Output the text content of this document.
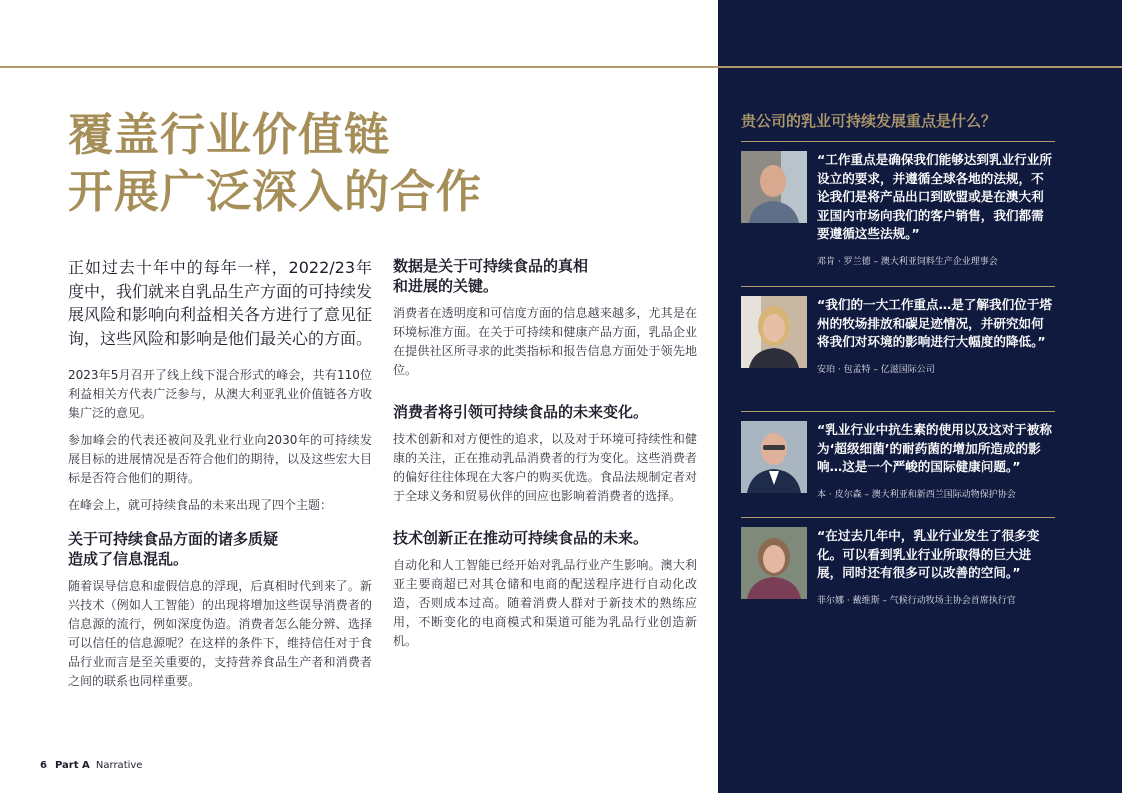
覆盖行业价值链
开展广泛深入的合作

正如过去十年中的每年一样，2022/23年度中，我们就来自乳品生产方面的可持续发展风险和影响向利益相关各方进行了意见征询，这些风险和影响是他们最关心的方面。

2023年5月召开了线上线下混合形式的峰会，共有110位利益相关方代表广泛参与，从澳大利亚乳业价值链各方收集广泛的意见。

参加峰会的代表还被问及乳业行业向2030年的可持续发展目标的进展情况是否符合他们的期待，以及这些宏大目标是否符合他们的期待。

在峰会上，就可持续食品的未来出现了四个主题：

关于可持续食品方面的诸多质疑
造成了信息混乱。

随着误导信息和虚假信息的浮现，后真相时代到来了。新兴技术（例如人工智能）的出现将增加这些误导消费者的信息源的流行，例如深度伪造。消费者怎么能分辨、选择可以信任的信息源呢？在这样的条件下，维持信任对于食品行业而言是至关重要的，支持营养食品生产者和消费者之间的联系也同样重要。

数据是关于可持续食品的真相
和进展的关键。

消费者在透明度和可信度方面的信息越来越多，尤其是在环境标准方面。在关于可持续和健康产品方面，乳品企业在提供社区所寻求的此类指标和报告信息方面处于领先地位。

消费者将引领可持续食品的未来变化。

技术创新和对方便性的追求，以及对于环境可持续性和健康的关注，正在推动乳品消费者的行为变化。这些消费者的偏好往往体现在大客户的购买优选。食品法规制定者对于全球义务和贸易伙伴的回应也影响着消费者的选择。

技术创新正在推动可持续食品的未来。

自动化和人工智能已经开始对乳品行业产生影响。澳大利亚主要商超已对其仓储和电商的配送程序进行自动化改造，否则成本过高。随着消费人群对于新技术的熟练应用，不断变化的电商模式和渠道可能为乳品行业创造新机。

6 Part A Narrative
贵公司的乳业可持续发展重点是什么？
“工作重点是确保我们能够达到乳业行业所设立的要求，并遵循全球各地的法规，不论我们是将产品出口到欧盟或是在澳大利亚国内市场向我们的客户销售，我们都需要遵循这些法规。”
邓肯 · 罗兰德 – 澳大利亚饲料生产企业理事会
“我们的一大工作重点…是了解我们位于塔州的牧场排放和碳足迹情况，并研究如何将我们对环境的影响进行大幅度的降低。”
安珀 · 包孟特 – 亿滋国际公司
“乳业行业中抗生素的使用以及这对于被称为‘超级细菌’的耐药菌的增加所造成的影响…这是一个严峻的国际健康问题。”
本 · 皮尔森 – 澳大利亚和新西兰国际动物保护协会
“在过去几年中，乳业行业发生了很多变化。可以看到乳业行业所取得的巨大进展，同时还有很多可以改善的空间。”
菲尔娜 · 戴维斯 – 气候行动牧场主协会首席执行官
